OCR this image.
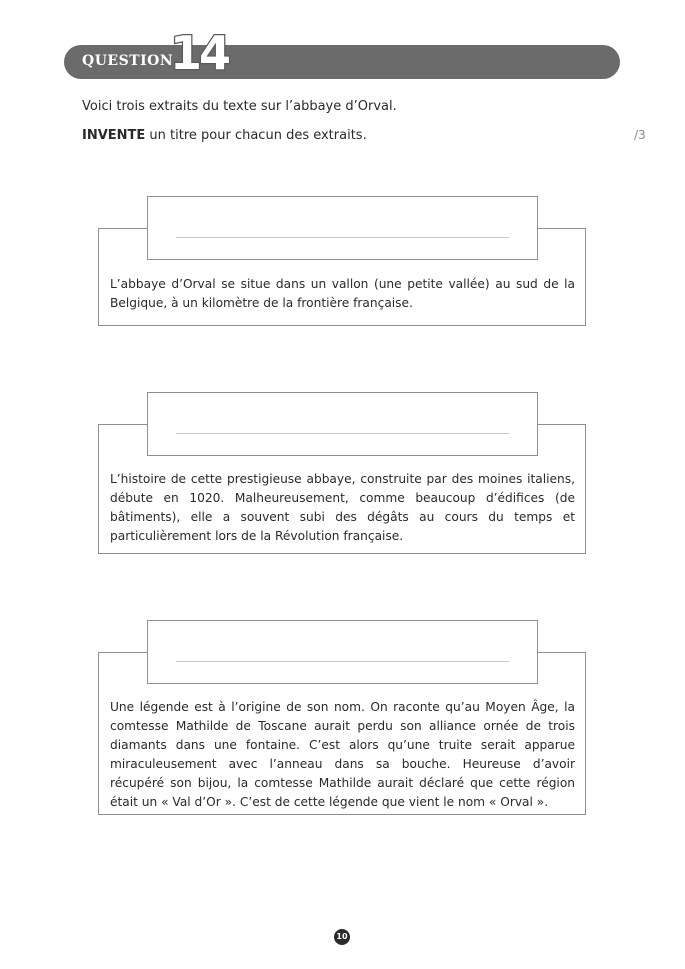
QUESTION
14
Voici trois extraits du texte sur l’abbaye d’Orval.
INVENTE un titre pour chacun des extraits.	/3

L’abbaye d’Orval se situe dans un vallon (une petite vallée) au sud de la Belgique, à un kilomètre de la frontière française.

L’histoire de cette prestigieuse abbaye, construite par des moines italiens, débute en 1020. Malheureusement, comme beaucoup d’édifices (de bâtiments), elle a souvent subi des dégâts au cours du temps et particulièrement lors de la Révolution française.

Une légende est à l’origine de son nom. On raconte qu’au Moyen Âge, la comtesse Mathilde de Toscane aurait perdu son alliance ornée de trois diamants dans une fontaine. C’est alors qu’une truite serait apparue miraculeusement avec l’anneau dans sa bouche. Heureuse d’avoir récupéré son bijou, la comtesse Mathilde aurait déclaré que cette région était un « Val d’Or ». C’est de cette légende que vient le nom « Orval ».

10
